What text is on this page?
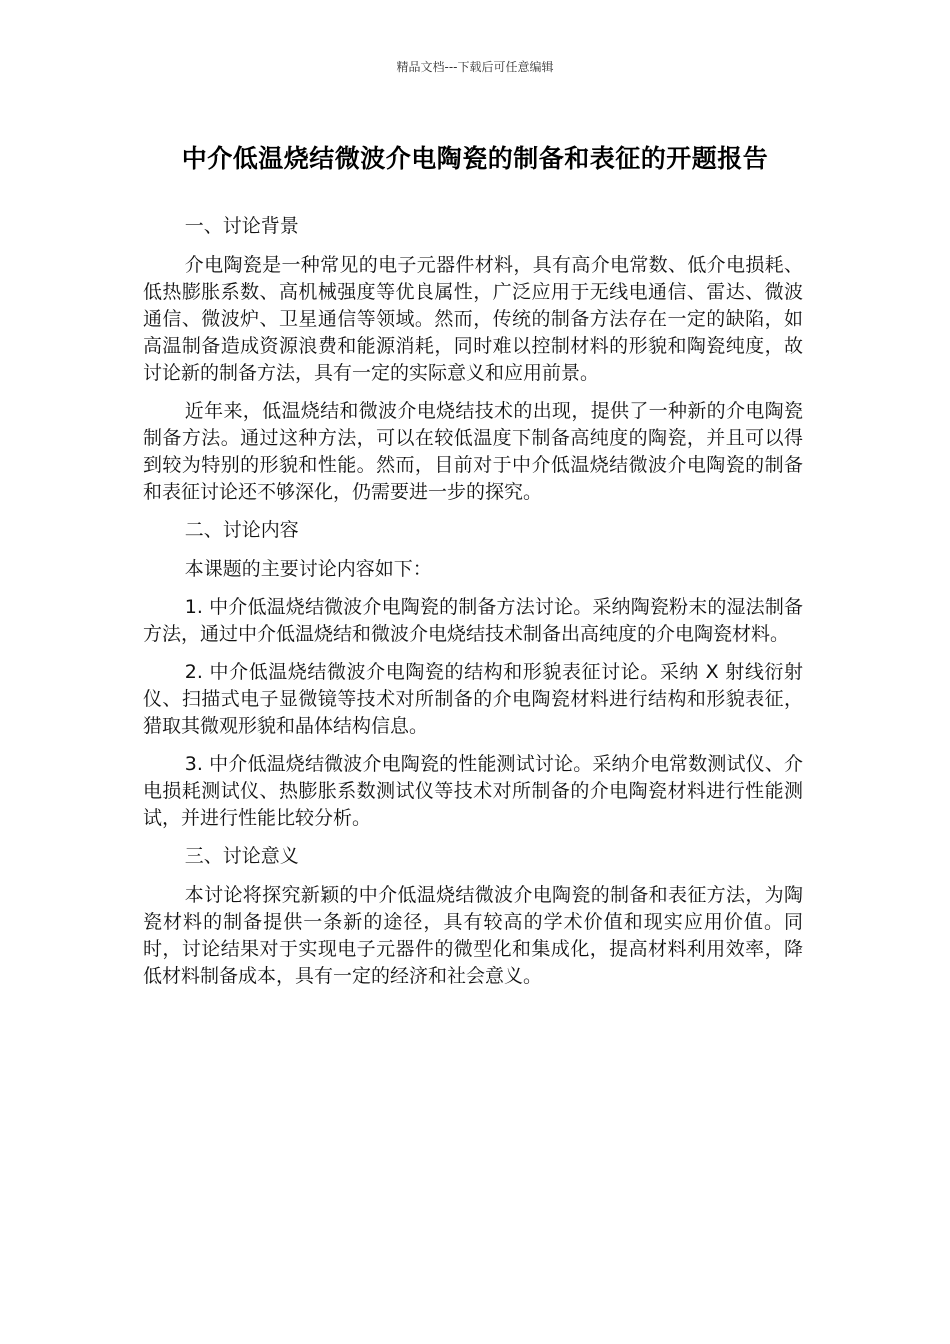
精品文档---下载后可任意编辑
中介低温烧结微波介电陶瓷的制备和表征的开题报告

一、讨论背景

介电陶瓷是一种常见的电子元器件材料，具有高介电常数、低介电损耗、低热膨胀系数、高机械强度等优良属性，广泛应用于无线电通信、雷达、微波通信、微波炉、卫星通信等领域。然而，传统的制备方法存在一定的缺陷，如高温制备造成资源浪费和能源消耗，同时难以控制材料的形貌和陶瓷纯度，故讨论新的制备方法，具有一定的实际意义和应用前景。

近年来，低温烧结和微波介电烧结技术的出现，提供了一种新的介电陶瓷制备方法。通过这种方法，可以在较低温度下制备高纯度的陶瓷，并且可以得到较为特别的形貌和性能。然而，目前对于中介低温烧结微波介电陶瓷的制备和表征讨论还不够深化，仍需要进一步的探究。

二、讨论内容

本课题的主要讨论内容如下：

1. 中介低温烧结微波介电陶瓷的制备方法讨论。采纳陶瓷粉末的湿法制备方法，通过中介低温烧结和微波介电烧结技术制备出高纯度的介电陶瓷材料。

2. 中介低温烧结微波介电陶瓷的结构和形貌表征讨论。采纳 X 射线衍射仪、扫描式电子显微镜等技术对所制备的介电陶瓷材料进行结构和形貌表征，猎取其微观形貌和晶体结构信息。

3. 中介低温烧结微波介电陶瓷的性能测试讨论。采纳介电常数测试仪、介电损耗测试仪、热膨胀系数测试仪等技术对所制备的介电陶瓷材料进行性能测试，并进行性能比较分析。

三、讨论意义

本讨论将探究新颖的中介低温烧结微波介电陶瓷的制备和表征方法，为陶瓷材料的制备提供一条新的途径，具有较高的学术价值和现实应用价值。同时，讨论结果对于实现电子元器件的微型化和集成化，提高材料利用效率，降低材料制备成本，具有一定的经济和社会意义。
